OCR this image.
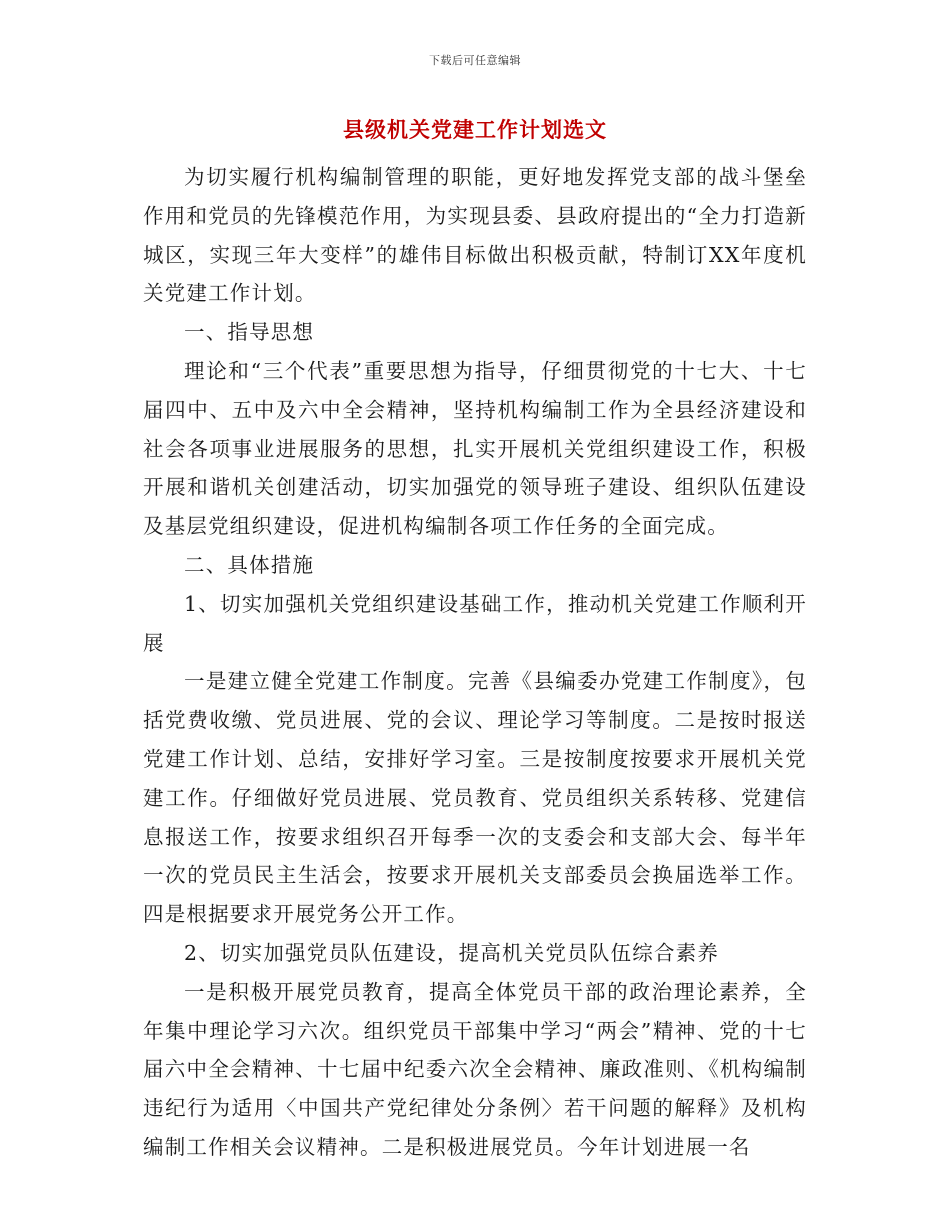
下载后可任意编辑
县级机关党建工作计划选文

为切实履行机构编制管理的职能，更好地发挥党支部的战斗堡垒作用和党员的先锋模范作用，为实现县委、县政府提出的“全力打造新城区，实现三年大变样”的雄伟目标做出积极贡献，特制订XX年度机关党建工作计划。

一、指导思想

理论和“三个代表”重要思想为指导，仔细贯彻党的十七大、十七届四中、五中及六中全会精神，坚持机构编制工作为全县经济建设和社会各项事业进展服务的思想，扎实开展机关党组织建设工作，积极开展和谐机关创建活动，切实加强党的领导班子建设、组织队伍建设及基层党组织建设，促进机构编制各项工作任务的全面完成。

二、具体措施

1、切实加强机关党组织建设基础工作，推动机关党建工作顺利开展

一是建立健全党建工作制度。完善《县编委办党建工作制度》，包括党费收缴、党员进展、党的会议、理论学习等制度。二是按时报送党建工作计划、总结，安排好学习室。三是按制度按要求开展机关党建工作。仔细做好党员进展、党员教育、党员组织关系转移、党建信息报送工作，按要求组织召开每季一次的支委会和支部大会、每半年一次的党员民主生活会，按要求开展机关支部委员会换届选举工作。四是根据要求开展党务公开工作。

2、切实加强党员队伍建设，提高机关党员队伍综合素养

一是积极开展党员教育，提高全体党员干部的政治理论素养，全年集中理论学习六次。组织党员干部集中学习“两会”精神、党的十七届六中全会精神、十七届中纪委六次全会精神、廉政准则、《机构编制违纪行为适用〈中国共产党纪律处分条例〉若干问题的解释》及机构编制工作相关会议精神。二是积极进展党员。今年计划进展一名
